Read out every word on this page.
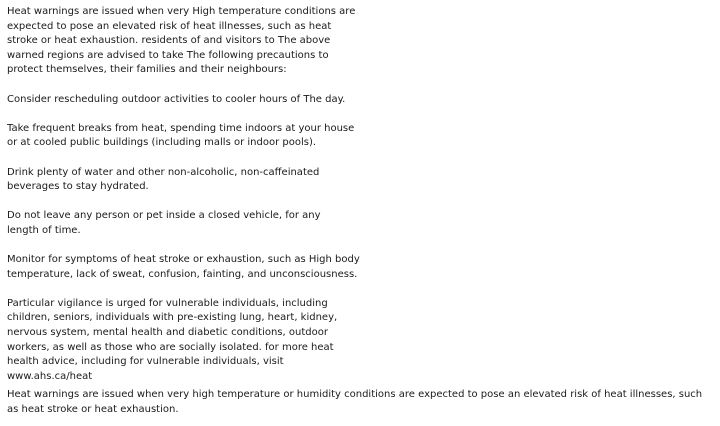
Heat warnings are issued when very High temperature conditions are
expected to pose an elevated risk of heat illnesses, such as heat
stroke or heat exhaustion. residents of and visitors to The above
warned regions are advised to take The following precautions to
protect themselves, their families and their neighbours:

Consider rescheduling outdoor activities to cooler hours of The day.

Take frequent breaks from heat, spending time indoors at your house
or at cooled public buildings (including malls or indoor pools).

Drink plenty of water and other non-alcoholic, non-caffeinated
beverages to stay hydrated.

Do not leave any person or pet inside a closed vehicle, for any
length of time.

Monitor for symptoms of heat stroke or exhaustion, such as High body
temperature, lack of sweat, confusion, fainting, and unconsciousness.

Particular vigilance is urged for vulnerable individuals, including
children, seniors, individuals with pre-existing lung, heart, kidney,
nervous system, mental health and diabetic conditions, outdoor
workers, as well as those who are socially isolated. for more heat
health advice, including for vulnerable individuals, visit
www.ahs.ca/heat

Heat warnings are issued when very high temperature or humidity conditions are expected to pose an elevated risk of heat illnesses, such
as heat stroke or heat exhaustion.
